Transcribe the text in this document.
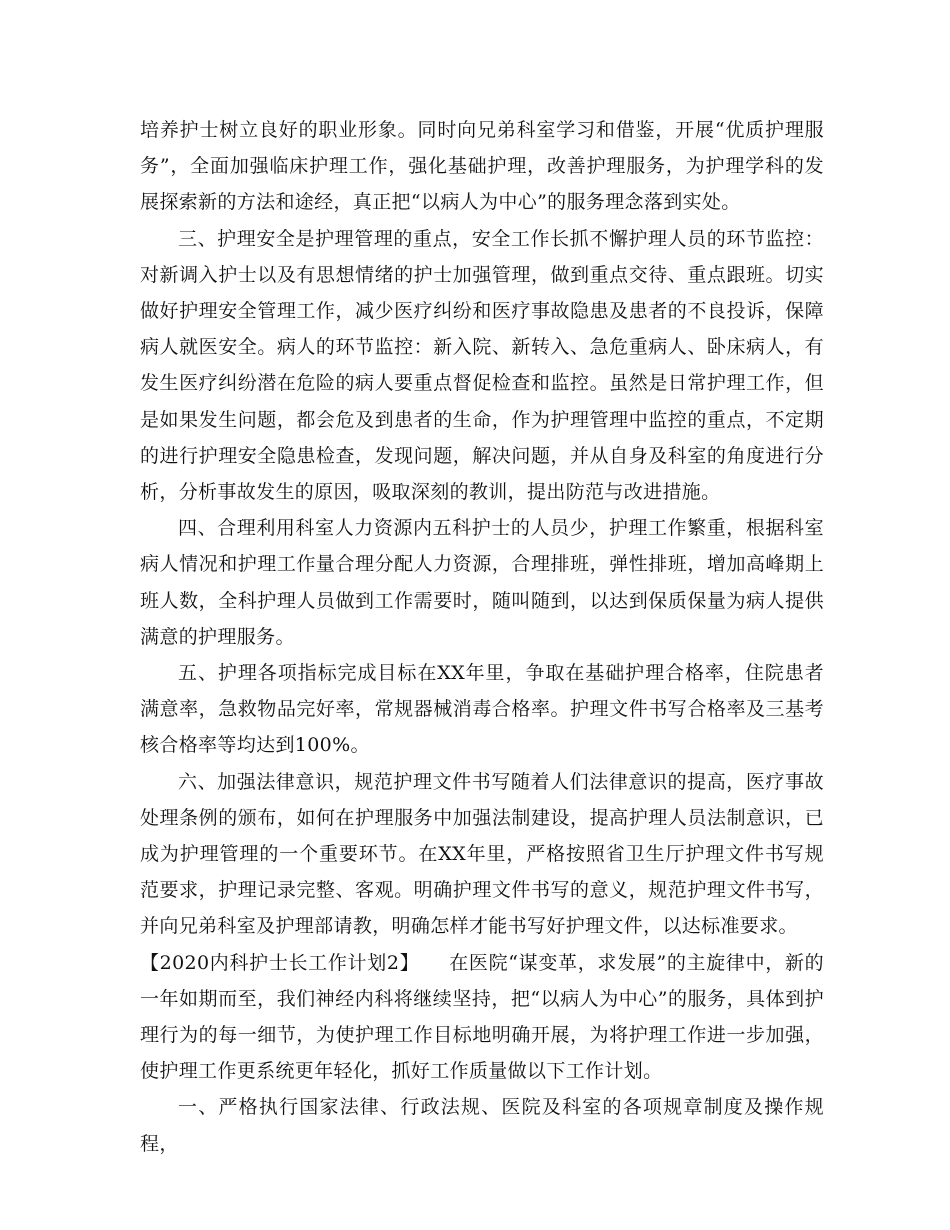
培养护士树立良好的职业形象。同时向兄弟科室学习和借鉴，开展“优质护理服务”，全面加强临床护理工作，强化基础护理，改善护理服务，为护理学科的发展探索新的方法和途经，真正把“以病人为中心”的服务理念落到实处。

三、护理安全是护理管理的重点，安全工作长抓不懈护理人员的环节监控：对新调入护士以及有思想情绪的护士加强管理，做到重点交待、重点跟班。切实做好护理安全管理工作，减少医疗纠纷和医疗事故隐患及患者的不良投诉，保障病人就医安全。病人的环节监控：新入院、新转入、急危重病人、卧床病人，有发生医疗纠纷潜在危险的病人要重点督促检查和监控。虽然是日常护理工作，但是如果发生问题，都会危及到患者的生命，作为护理管理中监控的重点，不定期的进行护理安全隐患检查，发现问题，解决问题，并从自身及科室的角度进行分析，分析事故发生的原因，吸取深刻的教训，提出防范与改进措施。

四、合理利用科室人力资源内五科护士的人员少，护理工作繁重，根据科室病人情况和护理工作量合理分配人力资源，合理排班，弹性排班，增加高峰期上班人数，全科护理人员做到工作需要时，随叫随到，以达到保质保量为病人提供满意的护理服务。

五、护理各项指标完成目标在XX年里，争取在基础护理合格率，住院患者满意率，急救物品完好率，常规器械消毒合格率。护理文件书写合格率及三基考核合格率等均达到100%。

六、加强法律意识，规范护理文件书写随着人们法律意识的提高，医疗事故处理条例的颁布，如何在护理服务中加强法制建设，提高护理人员法制意识，已成为护理管理的一个重要环节。在XX年里，严格按照省卫生厅护理文件书写规范要求，护理记录完整、客观。明确护理文件书写的意义，规范护理文件书写，并向兄弟科室及护理部请教，明确怎样才能书写好护理文件，以达标准要求。

【2020内科护士长工作计划2】　　在医院“谋变革，求发展”的主旋律中，新的一年如期而至，我们神经内科将继续坚持，把“以病人为中心”的服务，具体到护理行为的每一细节，为使护理工作目标地明确开展，为将护理工作进一步加强，使护理工作更系统更年轻化，抓好工作质量做以下工作计划。

一、严格执行国家法律、行政法规、医院及科室的各项规章制度及操作规程，
